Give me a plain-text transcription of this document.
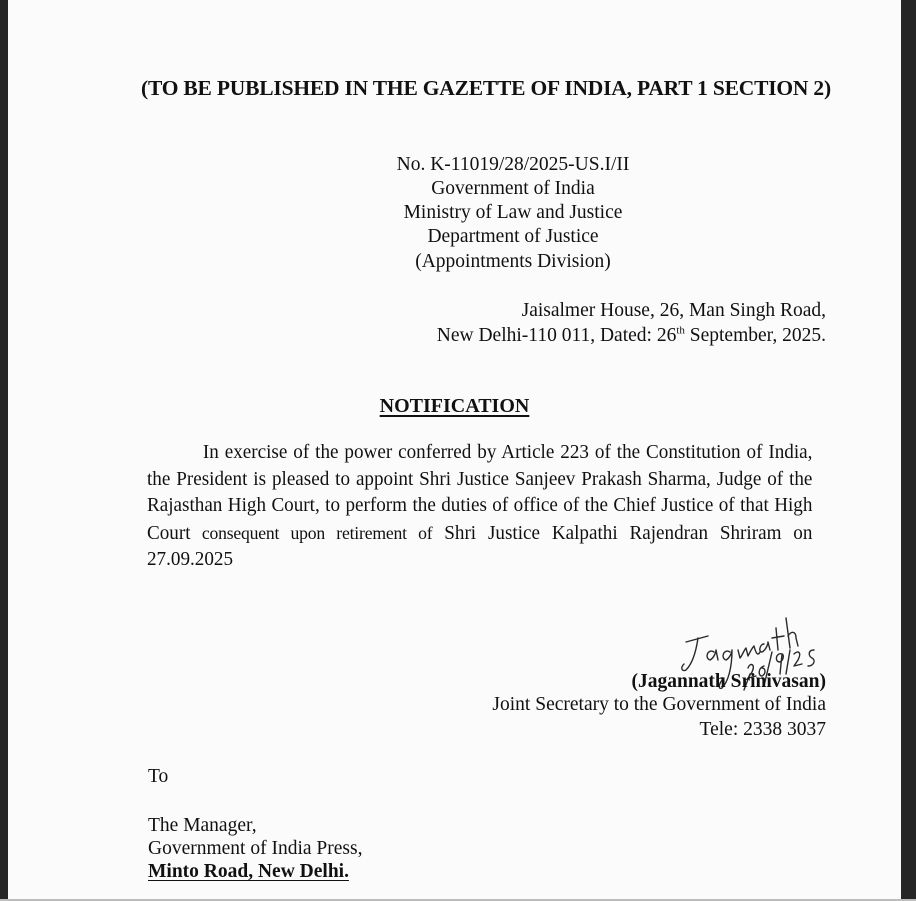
(TO BE PUBLISHED IN THE GAZETTE OF INDIA, PART 1 SECTION 2)
No. K-11019/28/2025-US.I/II
Government of India
Ministry of Law and Justice
Department of Justice
(Appointments Division)
Jaisalmer House, 26, Man Singh Road,
New Delhi-110 011, Dated: 26th September, 2025.
NOTIFICATION
In exercise of the power conferred by Article 223 of the Constitution of India, the President is pleased to appoint Shri Justice Sanjeev Prakash Sharma, Judge of the Rajasthan High Court, to perform the duties of office of the Chief Justice of that High Court consequent upon retirement of Shri Justice Kalpathi Rajendran Shriram on 27.09.2025
(Jagannath Srinivasan)
Joint Secretary to the Government of India
Tele: 2338 3037
To
The Manager,
Government of India Press,
Minto Road, New Delhi.
